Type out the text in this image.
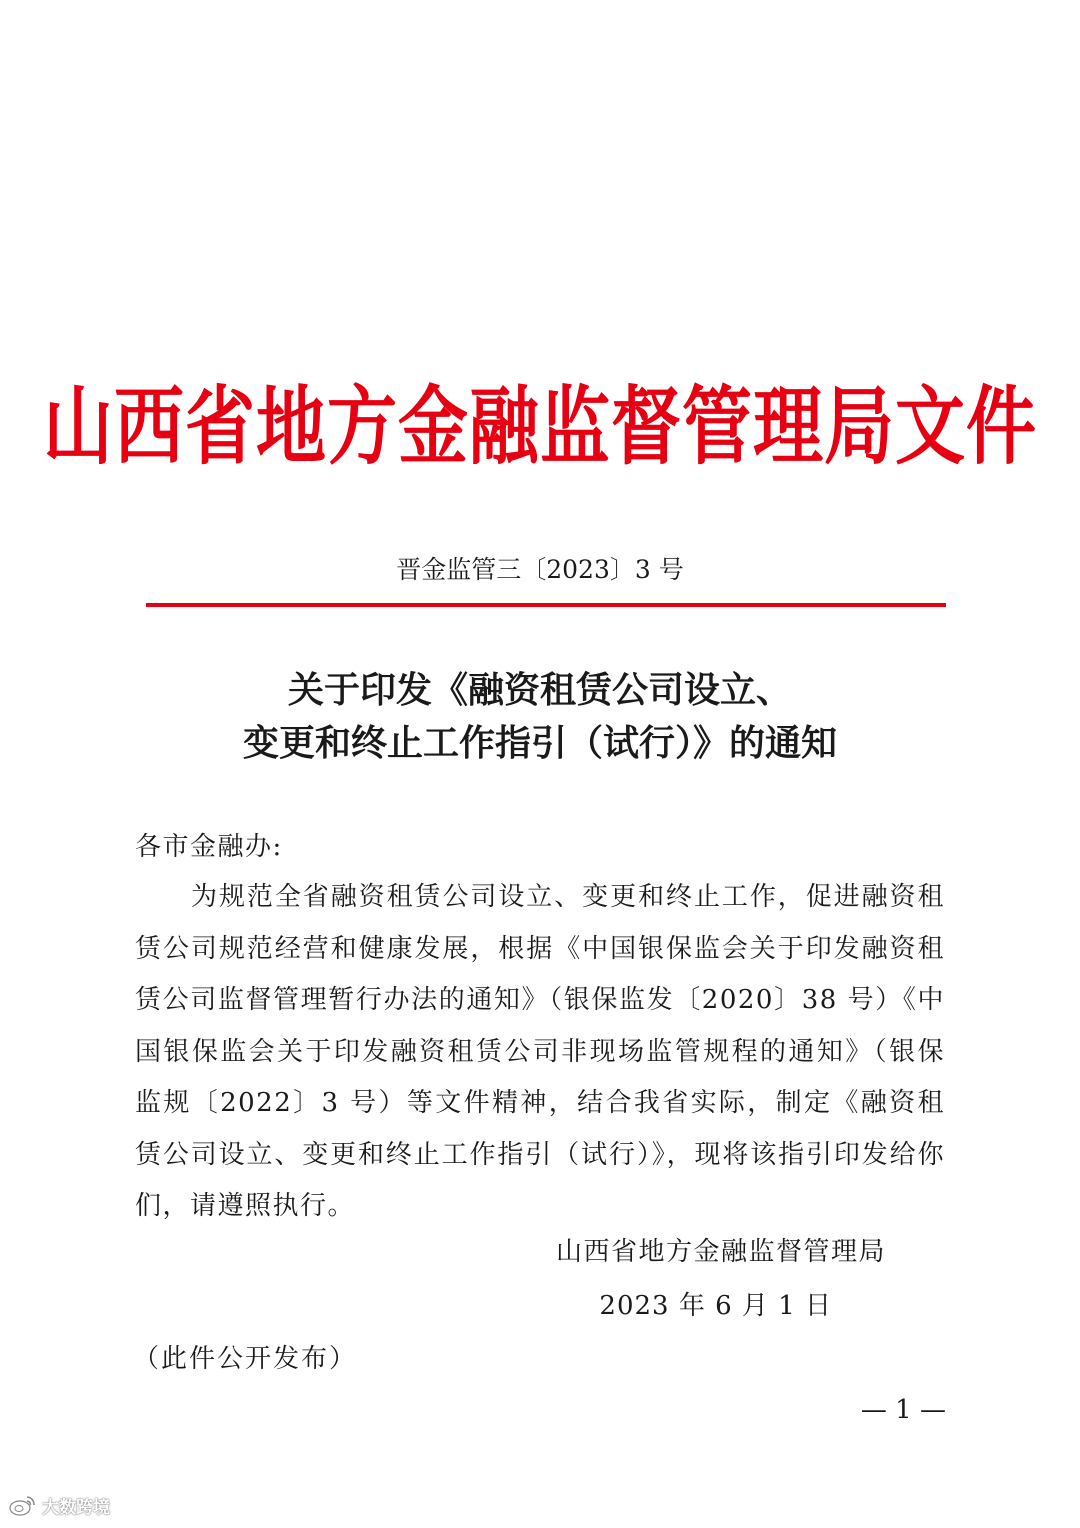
山西省地方金融监督管理局文件
晋金监管三〔2023〕3 号
关于印发《融资租赁公司设立、
变更和终止工作指引（试行）》的通知
各市金融办:
为规范全省融资租赁公司设立、变更和终止工作，促进融资租赁公司规范经营和健康发展，根据《中国银保监会关于印发融资租赁公司监督管理暂行办法的通知》（银保监发〔2020〕38 号）《中国银保监会关于印发融资租赁公司非现场监管规程的通知》（银保监规〔2022〕3 号）等文件精神，结合我省实际，制定《融资租赁公司设立、变更和终止工作指引（试行）》，现将该指引印发给你们，请遵照执行。
山西省地方金融监督管理局
2023 年 6 月 1 日
（此件公开发布）
— 1 —
大数跨境
